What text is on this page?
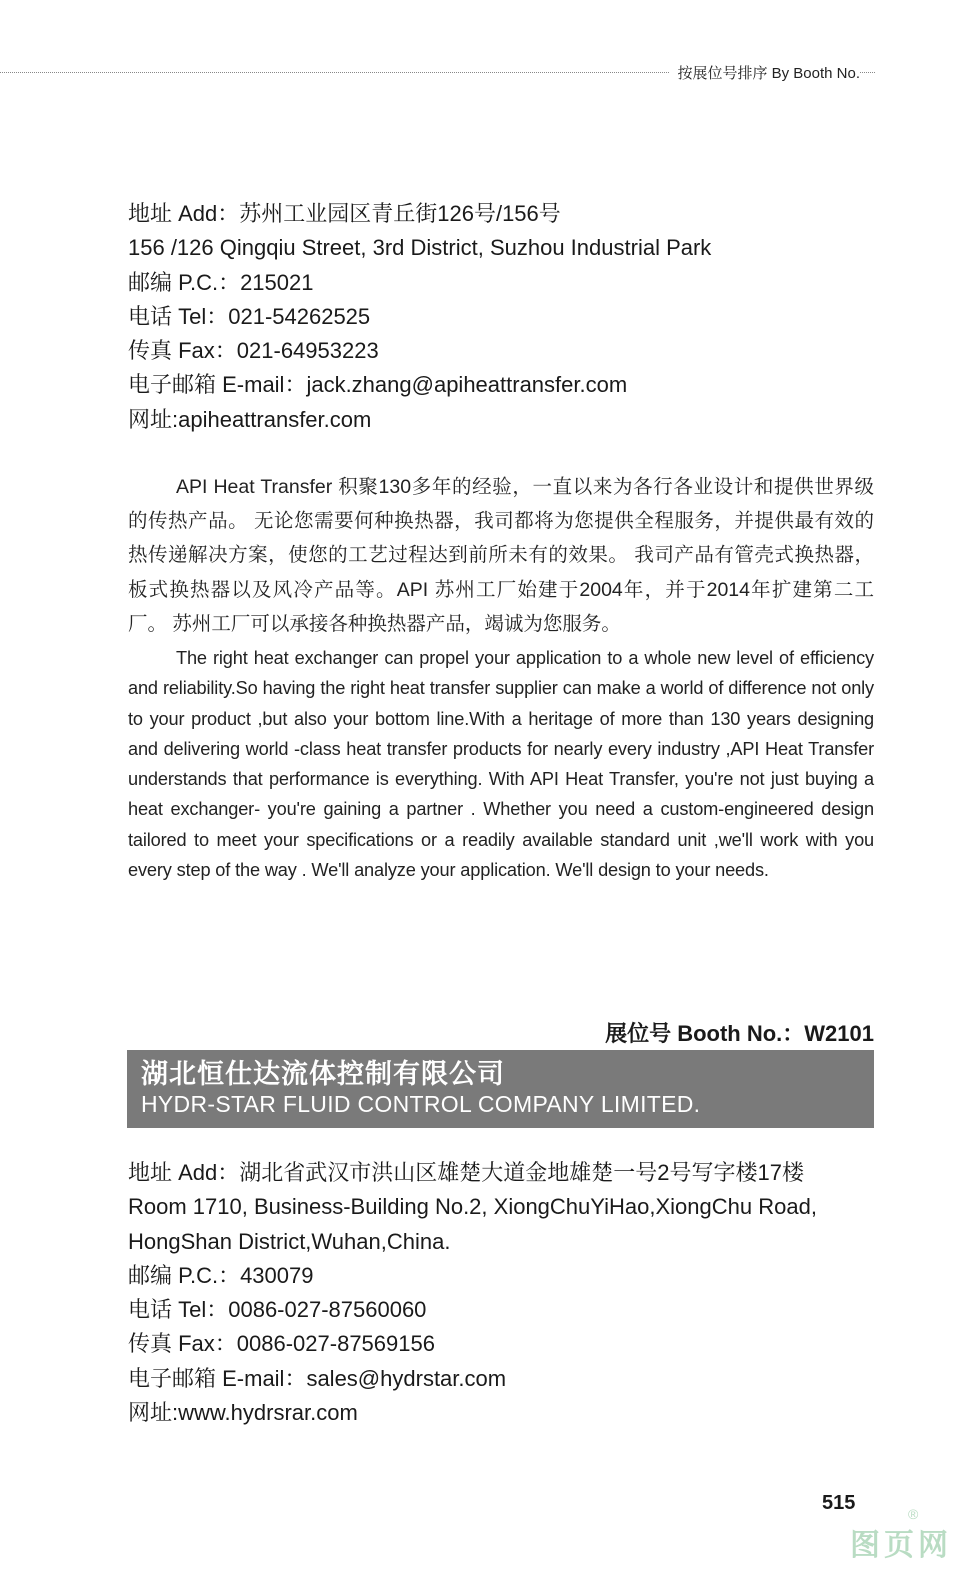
按展位号排序 By Booth No.
地址 Add：苏州工业园区青丘街126号/156号
156 /126 Qingqiu Street, 3rd District, Suzhou Industrial Park
邮编 P.C.：215021
电话 Tel：021-54262525
传真 Fax：021-64953223
电子邮箱 E-mail：jack.zhang@apiheattransfer.com
网址:apiheattransfer.com
API Heat Transfer 积聚130多年的经验，一直以来为各行各业设计和提供世界级的传热产品。 无论您需要何种换热器，我司都将为您提供全程服务，并提供最有效的热传递解决方案，使您的工艺过程达到前所未有的效果。 我司产品有管壳式换热器，板式换热器以及风冷产品等。API 苏州工厂始建于2004年，并于2014年扩建第二工厂。 苏州工厂可以承接各种换热器产品，竭诚为您服务。
The right heat exchanger can propel your application to a whole new level of efficiency and reliability.So having the right heat transfer supplier can make a world of difference not only to your product ,but also your bottom line.With a heritage of more than 130 years designing and delivering world -class heat transfer products for nearly every industry ,API Heat Transfer understands that performance is everything. With API Heat Transfer, you're not just buying a heat exchanger- you're gaining a partner . Whether you need a custom-engineered design tailored to meet your specifications or a readily available standard unit ,we'll work with you every step of the way . We'll analyze your application. We'll design to your needs.
展位号 Booth No.：W2101
湖北恒仕达流体控制有限公司
HYDR-STAR FLUID CONTROL COMPANY LIMITED.
地址 Add：湖北省武汉市洪山区雄楚大道金地雄楚一号2号写字楼17楼
Room 1710, Business-Building No.2, XiongChuYiHao,XiongChu Road,
HongShan District,Wuhan,China.
邮编 P.C.：430079
电话 Tel：0086-027-87560060
传真 Fax：0086-027-87569156
电子邮箱 E-mail：sales@hydrstar.com
网址:www.hydrsrar.com
515
图页网
®
